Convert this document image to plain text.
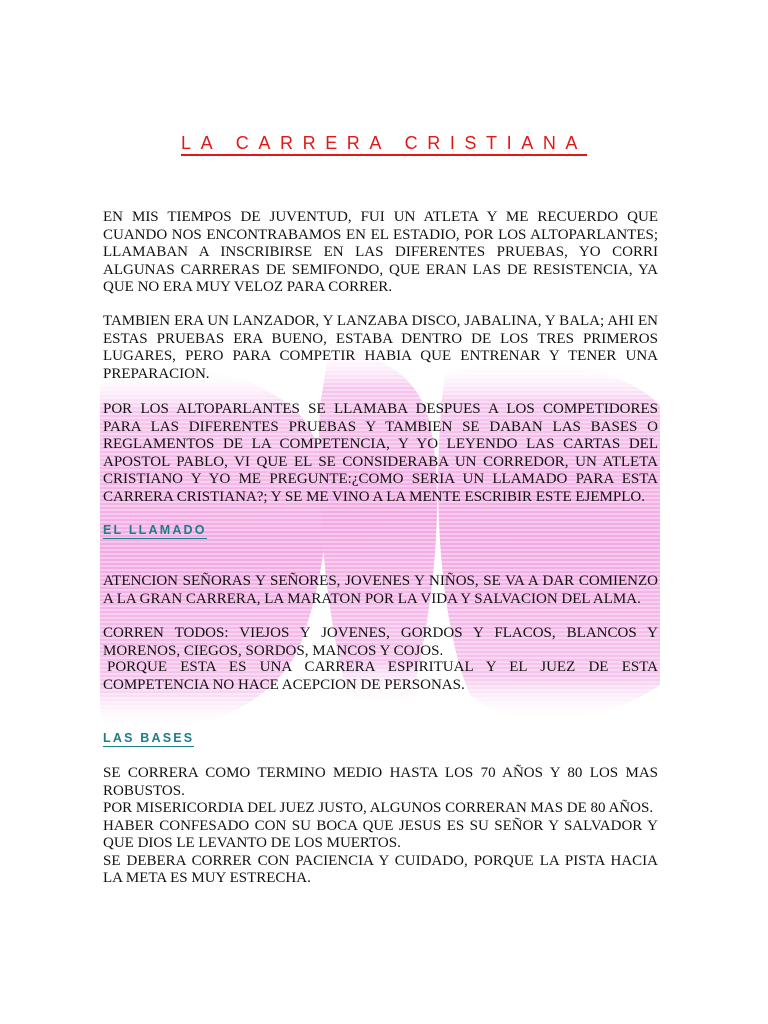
LA CARRERA CRISTIANA

EN MIS TIEMPOS DE JUVENTUD, FUI UN ATLETA Y ME RECUERDO QUE CUANDO NOS ENCONTRABAMOS EN EL ESTADIO, POR LOS ALTOPARLANTES; LLAMABAN A INSCRIBIRSE EN LAS DIFERENTES PRUEBAS, YO CORRI ALGUNAS CARRERAS DE SEMIFONDO, QUE ERAN LAS DE RESISTENCIA, YA QUE NO ERA MUY VELOZ PARA CORRER.

TAMBIEN ERA UN LANZADOR, Y LANZABA DISCO, JABALINA, Y BALA; AHI EN ESTAS PRUEBAS ERA BUENO, ESTABA DENTRO DE LOS TRES PRIMEROS LUGARES, PERO PARA COMPETIR HABIA QUE ENTRENAR Y TENER UNA PREPARACION.

POR LOS ALTOPARLANTES SE LLAMABA DESPUES A LOS COMPETIDORES PARA LAS DIFERENTES PRUEBAS Y TAMBIEN SE DABAN LAS BASES O REGLAMENTOS DE LA COMPETENCIA, Y YO LEYENDO LAS CARTAS DEL APOSTOL PABLO, VI QUE EL SE CONSIDERABA UN CORREDOR, UN ATLETA CRISTIANO Y YO ME PREGUNTE:¿COMO SERIA UN LLAMADO PARA ESTA CARRERA CRISTIANA?; Y SE ME VINO A LA MENTE ESCRIBIR ESTE EJEMPLO.

EL LLAMADO

ATENCION SEÑORAS Y SEÑORES, JOVENES Y NIÑOS, SE VA A DAR COMIENZO A LA GRAN CARRERA, LA MARATON POR LA VIDA Y SALVACION DEL ALMA.

CORREN TODOS: VIEJOS Y JOVENES, GORDOS Y FLACOS, BLANCOS Y MORENOS, CIEGOS, SORDOS, MANCOS Y COJOS.

PORQUE ESTA ES UNA CARRERA ESPIRITUAL Y EL JUEZ DE ESTA COMPETENCIA NO HACE ACEPCION DE PERSONAS.

LAS BASES

SE CORRERA COMO TERMINO MEDIO HASTA LOS 70 AÑOS Y 80 LOS MAS ROBUSTOS.

POR MISERICORDIA DEL JUEZ JUSTO, ALGUNOS CORRERAN MAS DE 80 AÑOS.

HABER CONFESADO CON SU BOCA QUE JESUS ES SU SEÑOR Y SALVADOR Y QUE DIOS LE LEVANTO DE LOS MUERTOS.

SE DEBERA CORRER CON PACIENCIA Y CUIDADO, PORQUE LA PISTA HACIA LA META ES MUY ESTRECHA.
